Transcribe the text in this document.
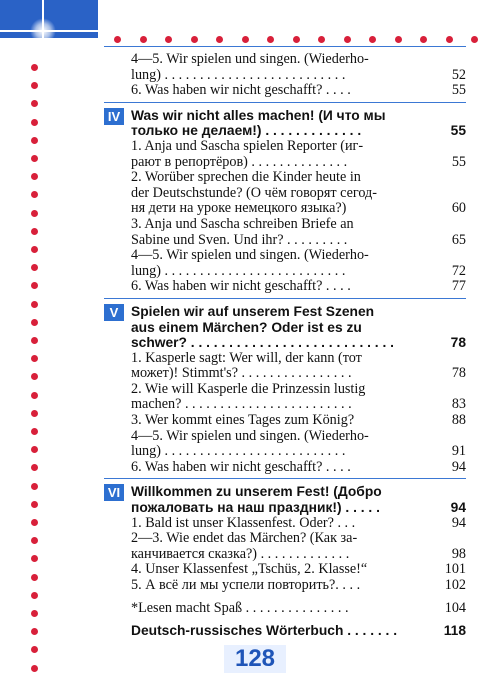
4—5. Wir spielen und singen. (Wiederho-
lung) . . . . . . . . . . . . . . . . . . . . . . . . . .	52
6. Was haben wir nicht geschafft? . . . .	55
IV Was wir nicht alles machen! (И что мы
только не делаем!) . . . . . . . . . . . . .	55
1. Anja und Sascha spielen Reporter (иг-
рают в репортёров) . . . . . . . . . . . . . .	55
2. Worüber sprechen die Kinder heute in
der Deutschstunde? (О чём говорят сегод-
ня дети на уроке немецкого языка?)	60
3. Anja und Sascha schreiben Briefe an
Sabine und Sven. Und ihr? . . . . . . . . .	65
4—5. Wir spielen und singen. (Wiederho-
lung) . . . . . . . . . . . . . . . . . . . . . . . . . .	72
6. Was haben wir nicht geschafft? . . . .	77
V Spielen wir auf unserem Fest Szenen
aus einem Märchen? Oder ist es zu
schwer? . . . . . . . . . . . . . . . . . . . . . . . . . . .	78
1. Kasperle sagt: Wer will, der kann (тот
может)! Stimmt's? . . . . . . . . . . . . . . . .	78
2. Wie will Kasperle die Prinzessin lustig
machen? . . . . . . . . . . . . . . . . . . . . . . . .	83
3. Wer kommt eines Tages zum König?	88
4—5. Wir spielen und singen. (Wiederho-
lung) . . . . . . . . . . . . . . . . . . . . . . . . . .	91
6. Was haben wir nicht geschafft? . . . .	94
VI Willkommen zu unserem Fest! (Добро
пожаловать на наш праздник!) . . . . .	94
1. Bald ist unser Klassenfest. Oder? . . .	94
2—3. Wie endet das Märchen? (Как за-
канчивается сказка?) . . . . . . . . . . . . .	98
4. Unser Klassenfest „Tschüs, 2. Klasse!“	101
5. А всё ли мы успели повторить?. . . .	102
*Lesen macht Spaß . . . . . . . . . . . . . . .	104
Deutsch-russisches Wörterbuch . . . . . . .	118
128
